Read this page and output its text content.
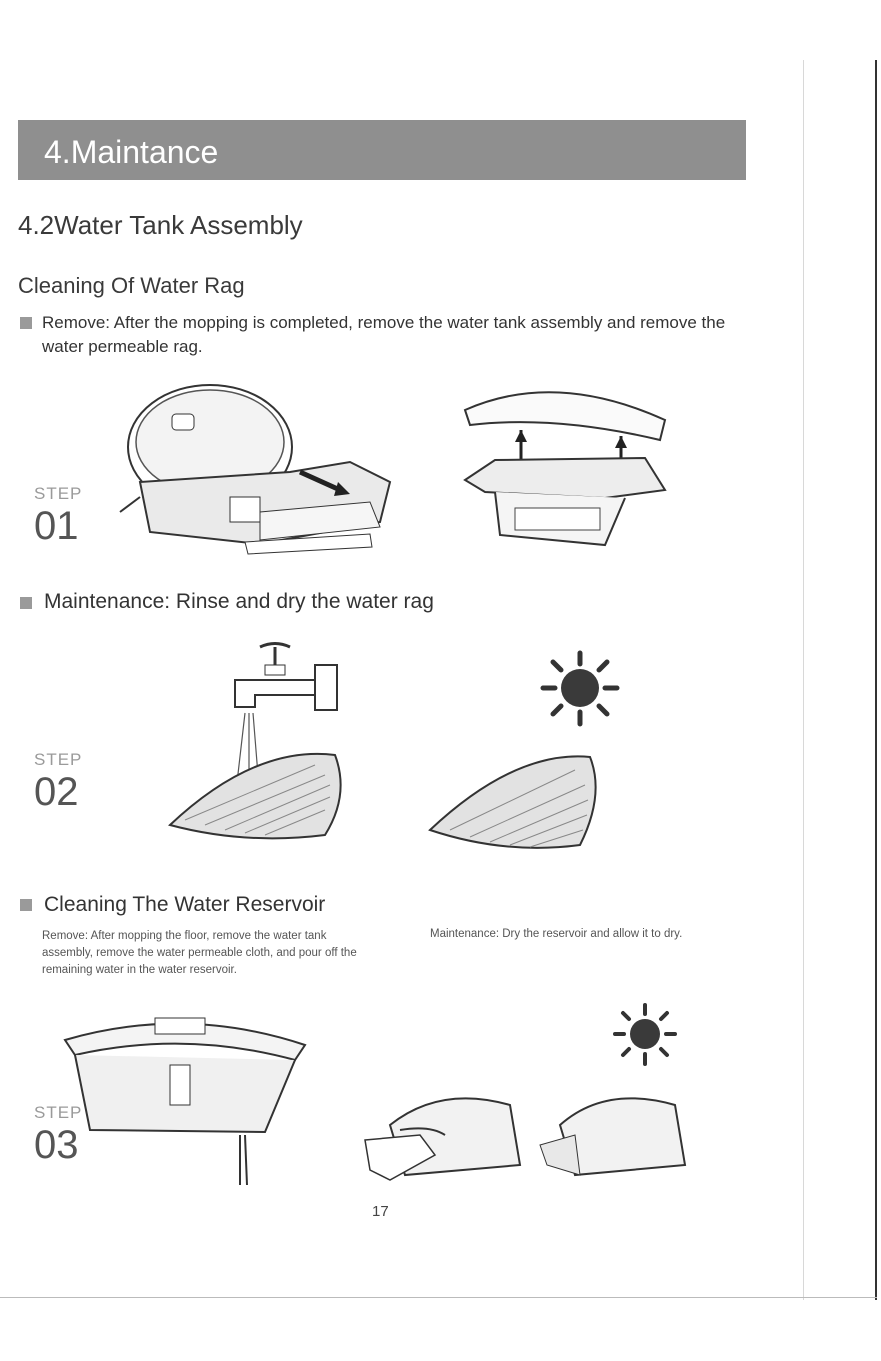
4.Maintance
4.2Water Tank Assembly
Cleaning Of Water Rag
Remove: After the mopping is completed, remove the water tank assembly and remove the water permeable rag.
STEP
01
Maintenance: Rinse and dry the water rag
STEP
02
Cleaning The Water Reservoir
Remove: After mopping the floor, remove the water tank assembly, remove the water permeable cloth, and pour off the remaining water in the water reservoir.
Maintenance: Dry the reservoir and allow it to dry.
STEP
03
17
